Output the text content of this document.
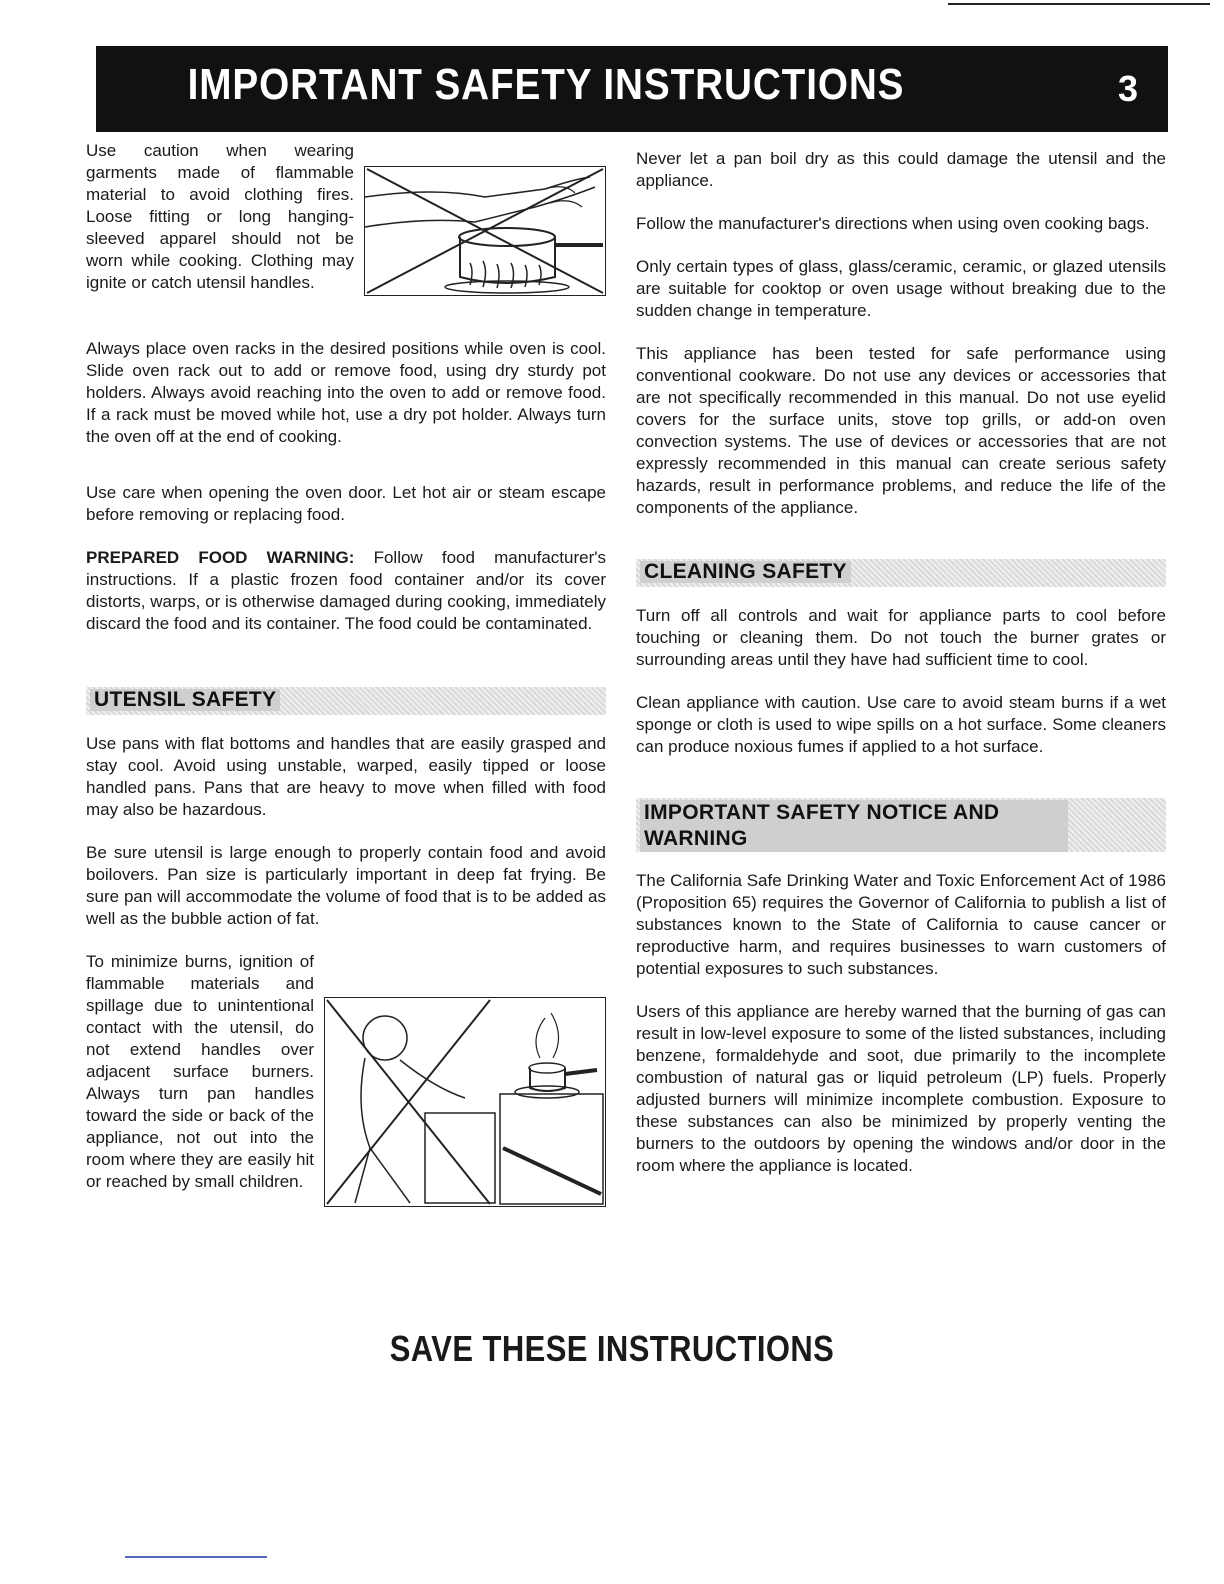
IMPORTANT SAFETY INSTRUCTIONS	3

Use caution when wearing garments made of flammable material to avoid clothing fires. Loose fitting or long hanging-sleeved apparel should not be worn while cooking. Clothing may ignite or catch utensil handles.

Always place oven racks in the desired positions while oven is cool. Slide oven rack out to add or remove food, using dry sturdy pot holders. Always avoid reaching into the oven to add or remove food. If a rack must be moved while hot, use a dry pot holder. Always turn the oven off at the end of cooking.

Use care when opening the oven door. Let hot air or steam escape before removing or replacing food.

PREPARED FOOD WARNING: Follow food manufacturer's instructions. If a plastic frozen food container and/or its cover distorts, warps, or is otherwise damaged during cooking, immediately discard the food and its container. The food could be contaminated.

UTENSIL SAFETY

Use pans with flat bottoms and handles that are easily grasped and stay cool. Avoid using unstable, warped, easily tipped or loose handled pans. Pans that are heavy to move when filled with food may also be hazardous.

Be sure utensil is large enough to properly contain food and avoid boilovers. Pan size is particularly important in deep fat frying. Be sure pan will accommodate the volume of food that is to be added as well as the bubble action of fat.

To minimize burns, ignition of flammable materials and spillage due to unintentional contact with the utensil, do not extend handles over adjacent surface burners. Always turn pan handles toward the side or back of the appliance, not out into the room where they are easily hit or reached by small children.

Never let a pan boil dry as this could damage the utensil and the appliance.

Follow the manufacturer's directions when using oven cooking bags.

Only certain types of glass, glass/ceramic, ceramic, or glazed utensils are suitable for cooktop or oven usage without breaking due to the sudden change in temperature.

This appliance has been tested for safe performance using conventional cookware. Do not use any devices or accessories that are not specifically recommended in this manual. Do not use eyelid covers for the surface units, stove top grills, or add-on oven convection systems. The use of devices or accessories that are not expressly recommended in this manual can create serious safety hazards, result in performance problems, and reduce the life of the components of the appliance.

CLEANING SAFETY

Turn off all controls and wait for appliance parts to cool before touching or cleaning them. Do not touch the burner grates or surrounding areas until they have had sufficient time to cool.

Clean appliance with caution. Use care to avoid steam burns if a wet sponge or cloth is used to wipe spills on a hot surface. Some cleaners can produce noxious fumes if applied to a hot surface.

IMPORTANT SAFETY NOTICE AND
WARNING

The California Safe Drinking Water and Toxic Enforcement Act of 1986 (Proposition 65) requires the Governor of California to publish a list of substances known to the State of California to cause cancer or reproductive harm, and requires businesses to warn customers of potential exposures to such substances.

Users of this appliance are hereby warned that the burning of gas can result in low-level exposure to some of the listed substances, including benzene, formaldehyde and soot, due primarily to the incomplete combustion of natural gas or liquid petroleum (LP) fuels. Properly adjusted burners will minimize incomplete combustion. Exposure to these substances can also be minimized by properly venting the burners to the outdoors by opening the windows and/or door in the room where the appliance is located.

SAVE THESE INSTRUCTIONS
